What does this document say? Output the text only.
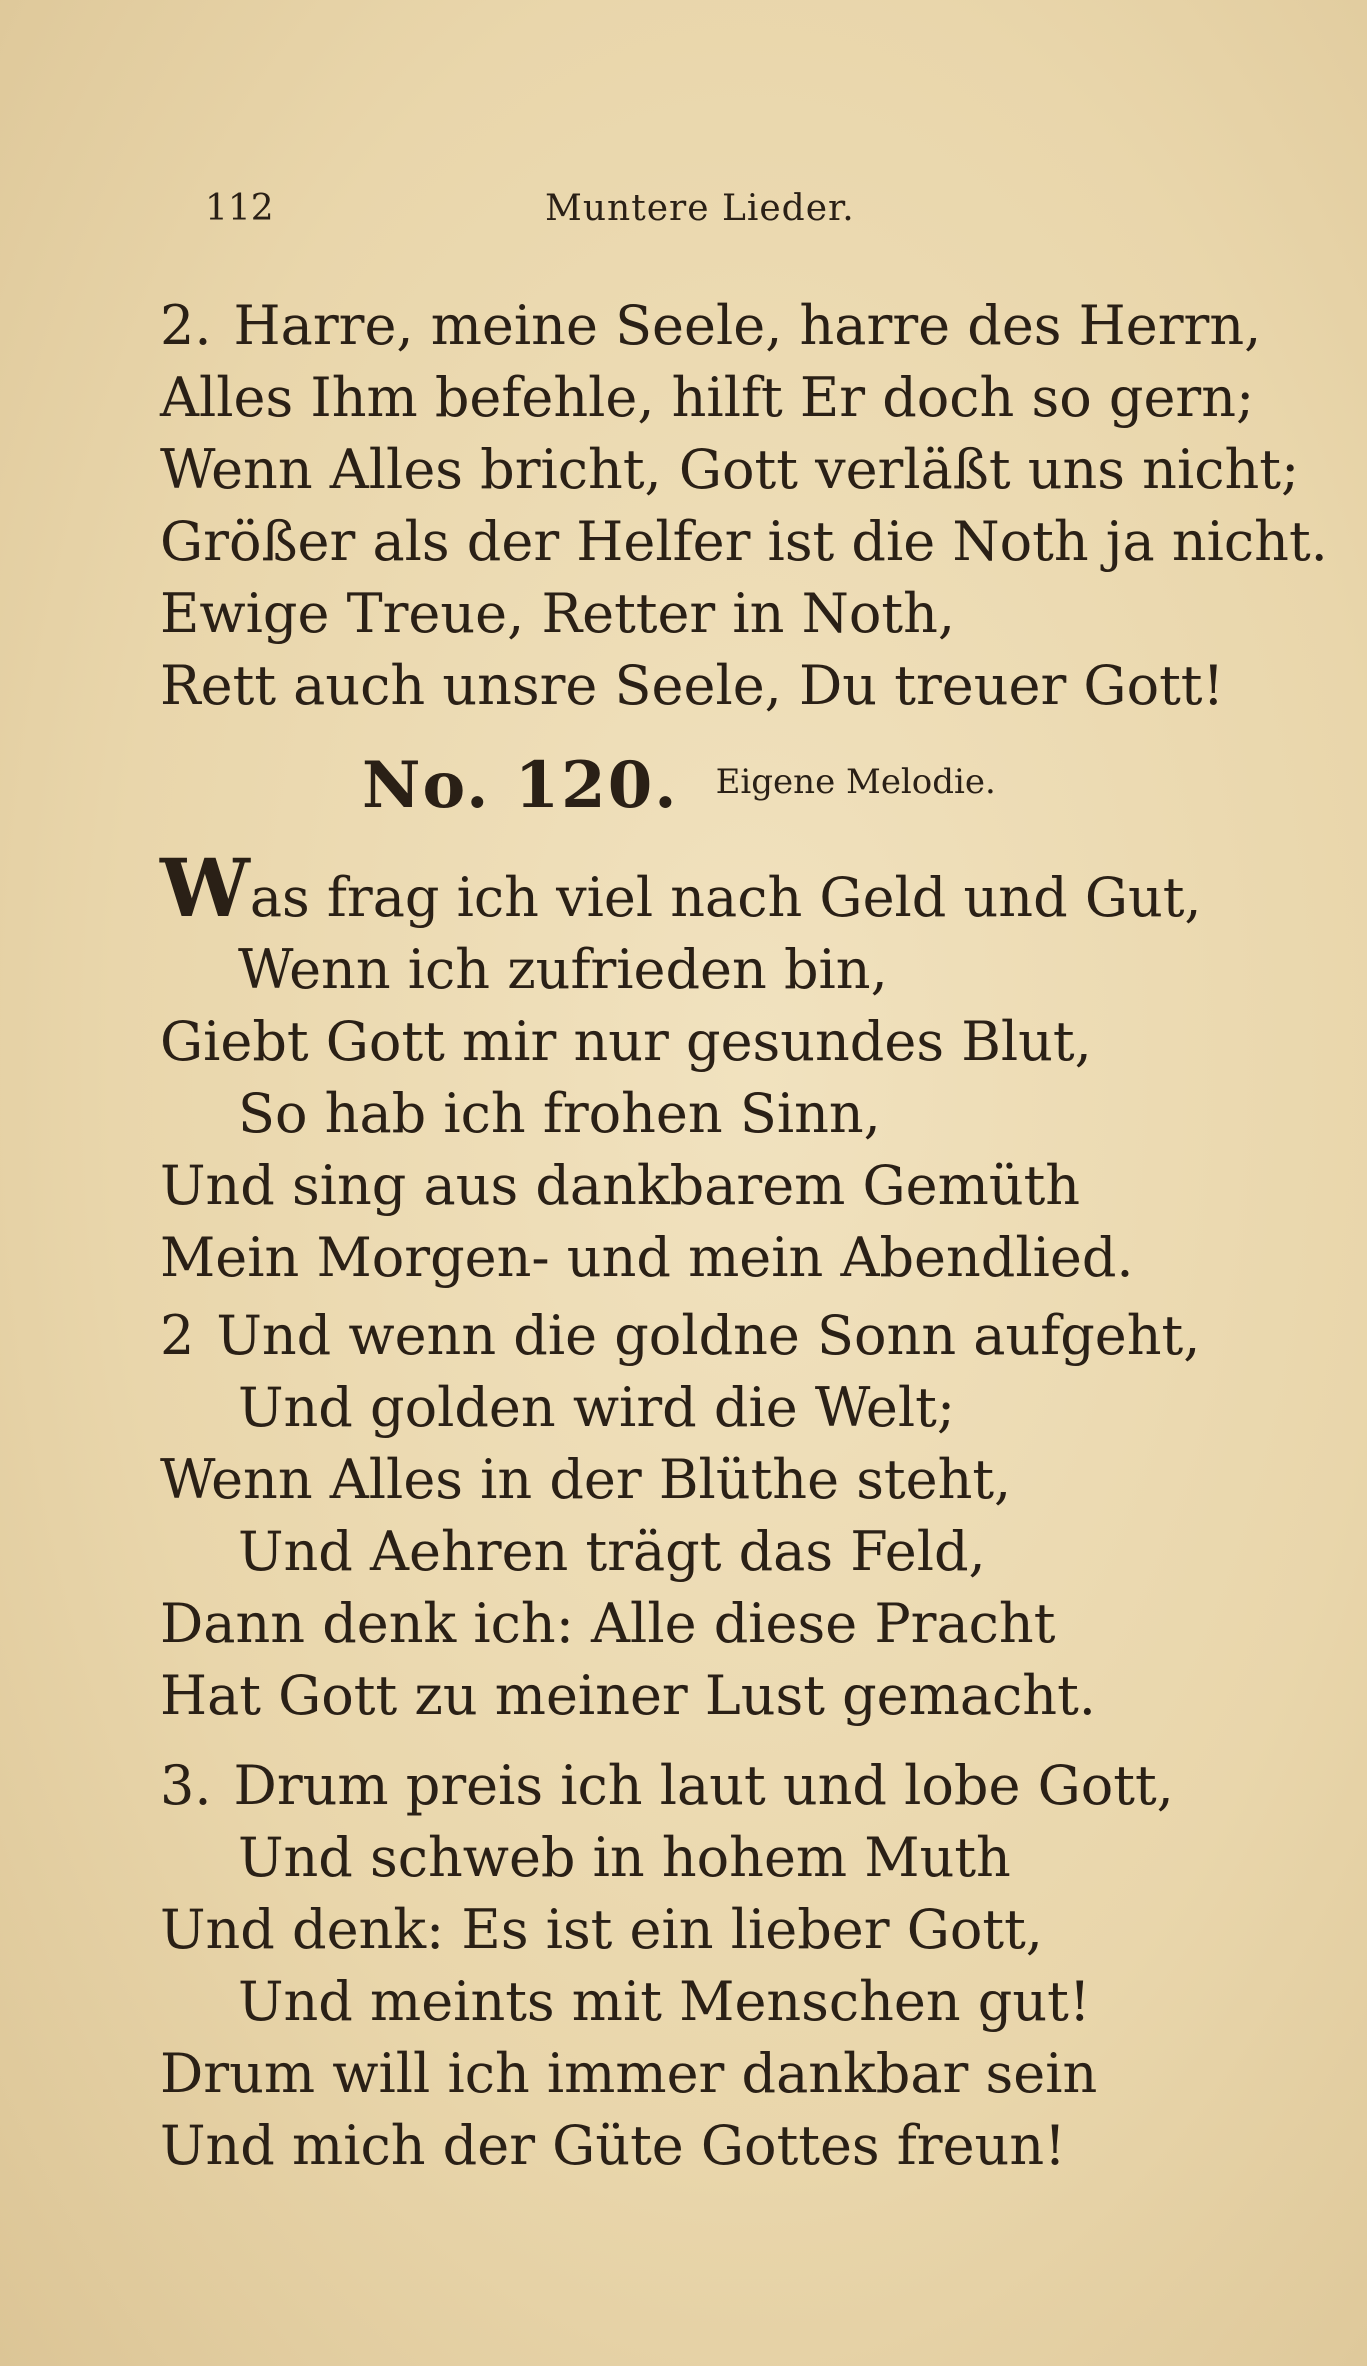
112	Muntere Lieder.
2. Harre, meine Seele, harre des Herrn,
Alles Ihm befehle, hilft Er doch so gern;
Wenn Alles bricht, Gott verläßt uns nicht;
Größer als der Helfer ist die Noth ja nicht.
Ewige Treue, Retter in Noth,
Rett auch unsre Seele, Du treuer Gott!
No. 120. Eigene Melodie.
Was frag ich viel nach Geld und Gut,
Wenn ich zufrieden bin,
Giebt Gott mir nur gesundes Blut,
So hab ich frohen Sinn,
Und sing aus dankbarem Gemüth
Mein Morgen- und mein Abendlied.
2 Und wenn die goldne Sonn aufgeht,
Und golden wird die Welt;
Wenn Alles in der Blüthe steht,
Und Aehren trägt das Feld,
Dann denk ich: Alle diese Pracht
Hat Gott zu meiner Lust gemacht.
3. Drum preis ich laut und lobe Gott,
Und schweb in hohem Muth
Und denk: Es ist ein lieber Gott,
Und meints mit Menschen gut!
Drum will ich immer dankbar sein
Und mich der Güte Gottes freun!
